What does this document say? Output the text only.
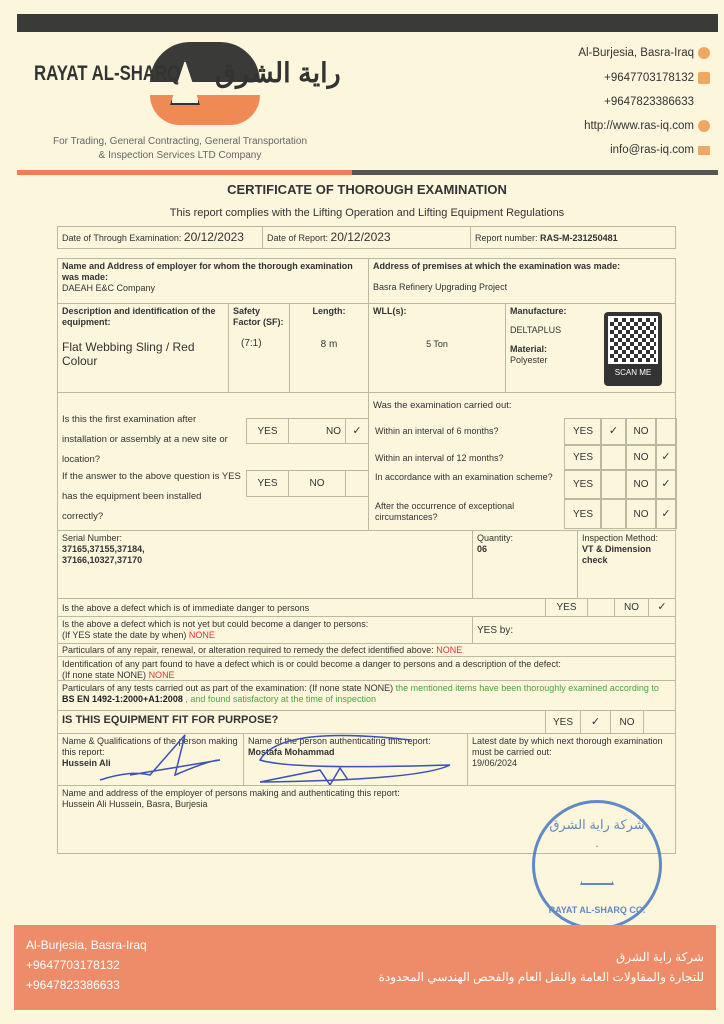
RAYAT AL-SHARQ راية الشرق
For Trading, General Contracting, General Transportation
& Inspection Services LTD Company
Al-Burjesia, Basra-Iraq
+9647703178132
+9647823386633
http://www.ras-iq.com
info@ras-iq.com
CERTIFICATE OF THOROUGH EXAMINATION
This report complies with the Lifting Operation and Lifting Equipment Regulations
Date of Through Examination: 20/12/2023	Date of Report: 20/12/2023	Report number: RAS-M-231250481
Name and Address of employer for whom the thorough examination was made:
DAEAH E&C Company
Address of premises at which the examination was made:
Basra Refinery Upgrading Project
Description and identification of the equipment:
Flat Webbing Sling / Red Colour
Safety Factor (SF):
(7:1)
Length:
8 m
WLL(s):
5 Ton
Manufacture:
DELTAPLUS
Material:
Polyester
SCAN ME
Is this the first examination after installation or assembly at a new site or location?
YES	NO	✓
If the answer to the above question is YES has the equipment been installed correctly?
YES	NO
Was the examination carried out:
Within an interval of 6 months?	YES	✓	NO
Within an interval of 12 months?	YES	NO	✓
In accordance with an examination scheme?
YES	NO	✓
After the occurrence of exceptional circumstances?	YES	NO	✓
Serial Number:
37165,37155,37184,
37166,10327,37170
Quantity:
06
Inspection Method:
VT & Dimension check
Is the above a defect which is of immediate danger to persons	YES	NO	✓
Is the above a defect which is not yet but could become a danger to persons:
(If YES state the date by when) NONE	YES by:
Particulars of any repair, renewal, or alteration required to remedy the defect identified above: NONE
Identification of any part found to have a defect which is or could become a danger to persons and a description of the defect:
(If none state NONE) NONE
Particulars of any tests carried out as part of the examination: (If none state NONE) the mentioned items have been thoroughly examined according to BS EN 1492-1:2000+A1:2008 , and found satisfactory at the time of inspection
IS THIS EQUIPMENT FIT FOR PURPOSE?	YES	✓	NO
Name & Qualifications of the person making this report:
Hussein Ali
Name of the person authenticating this report: Mostafa Mohammad
Latest date by which next thorough examination must be carried out:
19/06/2024
Name and address of the employer of persons making and authenticating this report:
Hussein Ali Hussein, Basra, Burjesia
شركة راية الشرق
RAYAT AL-SHARQ CO.
Al-Burjesia, Basra-Iraq
+9647703178132
+9647823386633
شركة راية الشرق
للتجارة والمقاولات العامة والنقل العام والفحص الهندسي المحدودة
